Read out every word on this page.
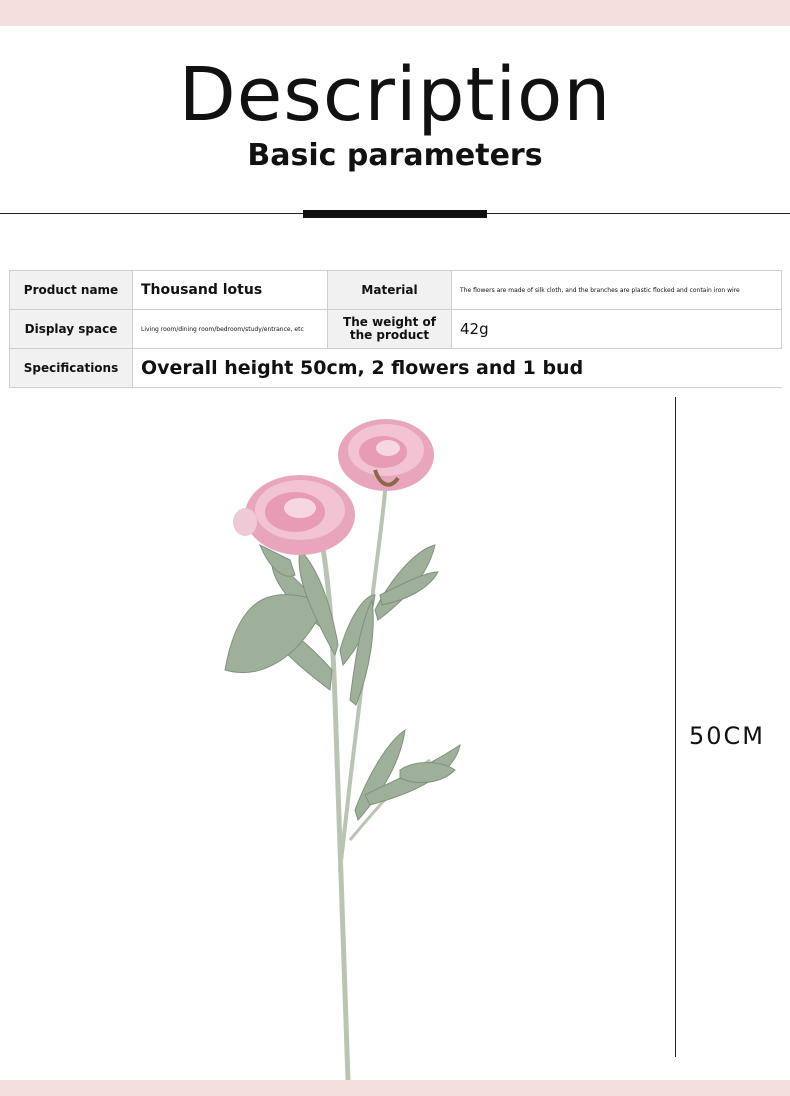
Description
Basic parameters
Product name	Thousand lotus	Material	The flowers are made of silk cloth, and the branches are plastic flocked and contain iron wire
Display space	Living room/dining room/bedroom/study/entrance, etc	The weight of the product	42g
Specifications	Overall height 50cm, 2 flowers and 1 bud		
50CM
